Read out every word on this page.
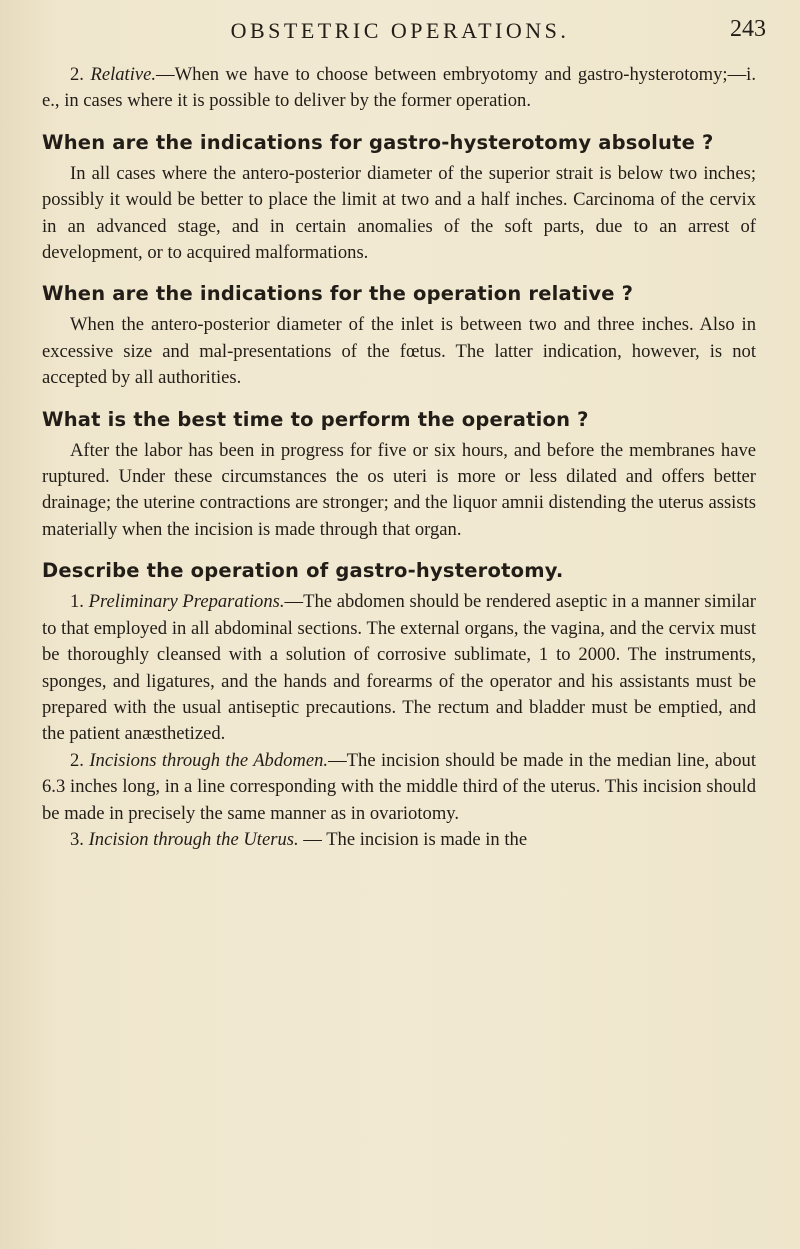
OBSTETRIC OPERATIONS.	243

2. Relative.—When we have to choose between embryotomy and gastro-hysterotomy;—i. e., in cases where it is possible to deliver by the former operation.

When are the indications for gastro-hysterotomy absolute ?

In all cases where the antero-posterior diameter of the superior strait is below two inches; possibly it would be better to place the limit at two and a half inches. Carcinoma of the cervix in an advanced stage, and in certain anomalies of the soft parts, due to an arrest of development, or to acquired malformations.

When are the indications for the operation relative ?

When the antero-posterior diameter of the inlet is between two and three inches. Also in excessive size and mal-presentations of the fœtus. The latter indication, however, is not accepted by all authorities.

What is the best time to perform the operation ?

After the labor has been in progress for five or six hours, and before the membranes have ruptured. Under these circumstances the os uteri is more or less dilated and offers better drainage; the uterine contractions are stronger; and the liquor amnii distending the uterus assists materially when the incision is made through that organ.

Describe the operation of gastro-hysterotomy.

1. Preliminary Preparations.—The abdomen should be rendered aseptic in a manner similar to that employed in all abdominal sections. The external organs, the vagina, and the cervix must be thoroughly cleansed with a solution of corrosive sublimate, 1 to 2000. The instruments, sponges, and ligatures, and the hands and forearms of the operator and his assistants must be prepared with the usual antiseptic precautions. The rectum and bladder must be emptied, and the patient anæsthetized.

2. Incisions through the Abdomen.—The incision should be made in the median line, about 6.3 inches long, in a line corresponding with the middle third of the uterus. This incision should be made in precisely the same manner as in ovariotomy.

3. Incision through the Uterus. — The incision is made in the
